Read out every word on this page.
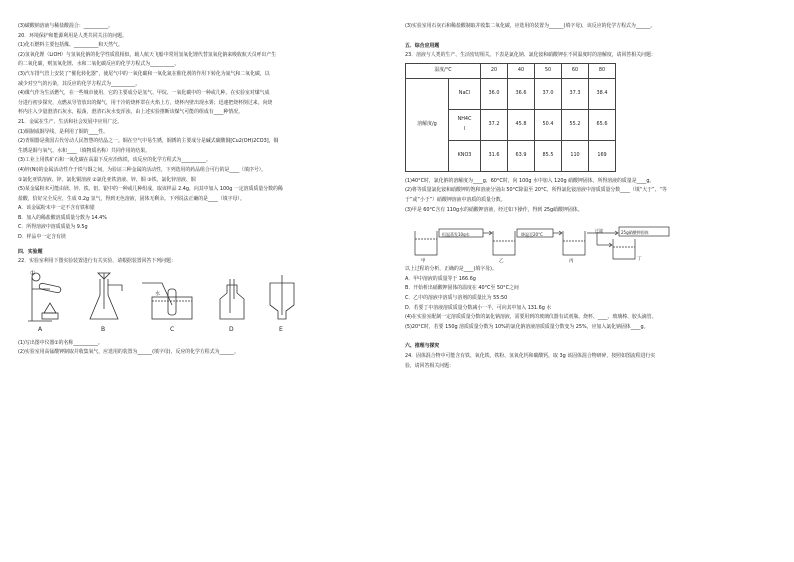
(3)碳酸钠溶液与稀盐酸混合：__________。

20．环境保护和能源利用是人类共同关注的问题。

(1)化石燃料主要包括煤、__________和天然气。

(2)氢氧化锂（LiOH）与氢氧化钠的化学性质很相似，载人航天飞船中常用氢氧化锂代替氢氧化钠来吸收航天员呼出产生

的二氧化碳，则氢氧化锂、水和二氧化碳反应的化学方程式为__________。

(3)汽车排气管上安装了“催化转化器”，使尾气中的一氧化碳和一氧化氮在催化剂的作用下转化为氮气和二氧化碳，以

减少对空气的污染，其反应的化学方程式为__________。

(4)煤气作为生活燃气，在一些城市使用，它的主要成分是氢气、甲烷、一氧化碳中的一种或几种。在实验室对煤气成

分进行初步探究，点燃从导管放出的煤气，用干冷的烧杯罩在火焰上方，烧杯内壁出现水雾；迅速把烧杯倒过来，向烧

杯内注入少量澄清石灰水，振荡，澄清石灰水变浑浊，由上述实验推断该煤气可能的组成有____种情况。

21．金属在生产、生活和社会发展中应用广泛。

(1)铜制成铜导线，是利用了铜的____性。

(2)青铜器是我国古代劳动人民智慧的结晶之一。铜在空气中易生锈，铜锈的主要成分是碱式碳酸铜[Cu2(OH)2CO3]，铜

生锈是铜与氧气、水和____（填物质名称）共同作用的结果。

(3)工业上用铁矿石和一氧化碳在高温下反应冶炼铁，该反应的化学方程式为__________。

(4)锌(Ni)的金属活动性介于铁与铜之间，为验证三种金属的活动性，下列选用的药品组合可行的是____（填序号）。

①氯化亚铁溶液、锌、氯化铜溶液 ②氯化亚铁溶液、锌、铜 ③铁、氯化锌溶液、铜

(5)某金属粉末可能由镁、锌、铁、铝、银中的一种或几种组成，取该样品 2.4g，向其中加入 100g 一定溶质质量分数的稀

盐酸，恰好完全反应，生成 0.2g 氢气，得到无色溶液，固体无剩余。下列说法正确的是____（填字母）。

A．该金属粉末中一定不含有铁和银

B．加入的稀盐酸溶质质量分数为 14.4%

C．所得溶液中溶质质量为 9.5g

D．样品中一定含有镁

四．实验题

22．实验室利用下图实验装置进行有关实验，请根据装置回答下列问题：

①
水
A	B	C	D	E

(1)写出图中仪器①的名称__________。

(2)实验室用高锰酸钾制取并收集氧气，应选用的装置为______(填字母)，反应的化学方程式为______。

(3)实验室用石灰石和稀盐酸制取并收集二氧化碳，应选用的装置为______(填字母)，该反应的化学方程式为______。

五．综合应用题

23．溶液与人类的生产、生活密切相关。下表是氯化钠、氯化铵和硝酸钾在不同温度时的溶解度，请回答相关问题：

温度/°C		20	40	50	60	80
溶解度/g	NaCl	36.0	36.6	37.0	37.3	38.4
	NH4C
l	37.2	45.8	50.4	55.2	65.6
	KNO3	31.6	63.9	85.5	110	169

(1)40°C时，氯化钠的溶解度为____g，60°C时，向 100g 水中加入 120g 硝酸钾固体，所得溶液的质量是____g。

(2)将等质量氯化铵和硝酸钾的饱和溶液分别由 50°C降温至 20°C，所得氯化铵溶液中溶质质量分数____（填“大于”、“等

于”或“小于”）硝酸钾溶液中溶质的质量分数。

(3)甲是 60°C含有 110g水的硝酸钾溶液，经过如下操作，得到 25g硝酸钾固体。

恒温蒸发10g水	降温至20°C
过滤	25g硝酸钾固体
甲	乙	丙	丁

以上过程的分析，正确的是____(填字母)。

A．甲中溶液的质量等于 166.6g

B．开始析出硝酸钾固体的温度在 40°C至 50°C之间

C．乙中的溶液中溶质与溶剂的质量比为 55:50

D．若要丁中溶液溶质质量分数减小一半，可向其中加入 131.6g 水

(4)在实验室配制一定溶质质量分数的氯化钠溶液，需要用到的玻璃仪器有试剂瓶、烧杯、____、玻璃棒、胶头滴管。

(5)20°C时，若要 150g 溶质质量分数为 10%的氯化钠溶液溶质质量分数变为 25%，应加入氯化钠固体____g。

六、推理与探究

24．固体混合物中可能含有铁、氧化铁、铁粉、氢氧化钙和碳酸钙，取 3g 该固体混合物研碎，按照如图流程进行实

验，请回答相关问题：
